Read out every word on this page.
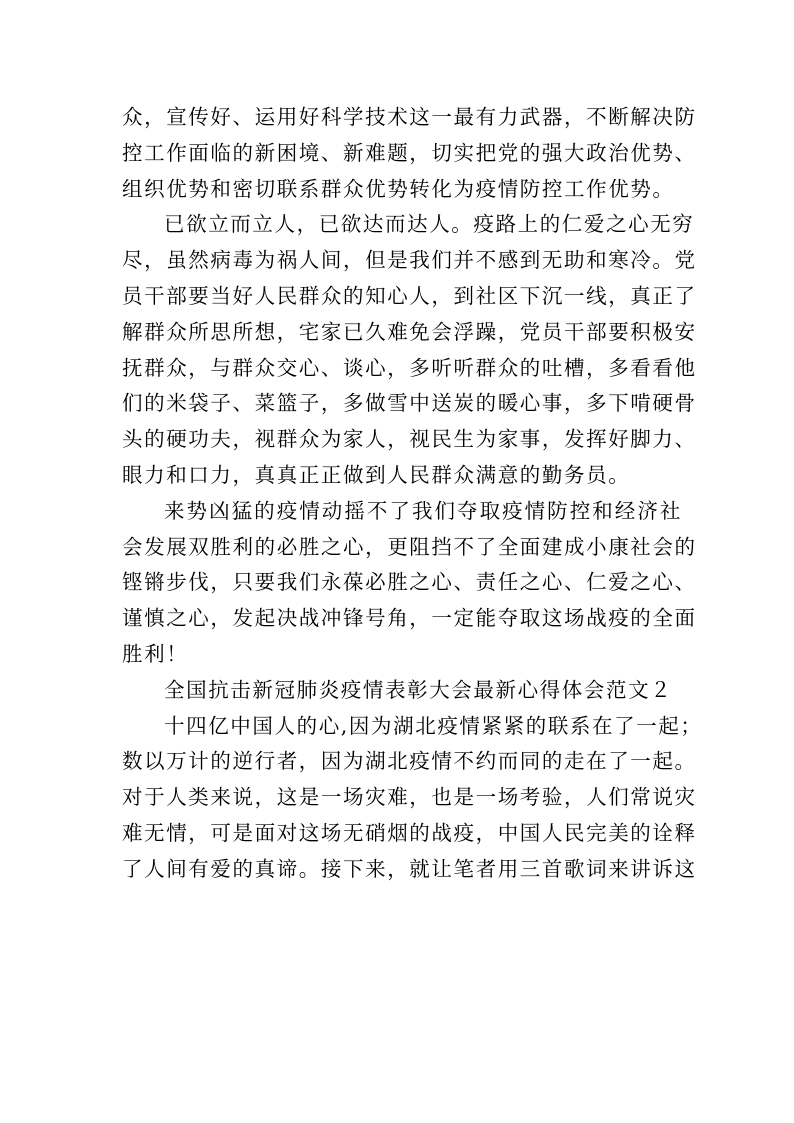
众，宣传好、运用好科学技术这一最有力武器，不断解决防
控工作面临的新困境、新难题，切实把党的强大政治优势、
组织优势和密切联系群众优势转化为疫情防控工作优势。
已欲立而立人，已欲达而达人。疫路上的仁爱之心无穷
尽，虽然病毒为祸人间，但是我们并不感到无助和寒冷。党
员干部要当好人民群众的知心人，到社区下沉一线，真正了
解群众所思所想，宅家已久难免会浮躁，党员干部要积极安
抚群众，与群众交心、谈心，多听听群众的吐槽，多看看他
们的米袋子、菜篮子，多做雪中送炭的暖心事，多下啃硬骨
头的硬功夫，视群众为家人，视民生为家事，发挥好脚力、
眼力和口力，真真正正做到人民群众满意的勤务员。
来势凶猛的疫情动摇不了我们夺取疫情防控和经济社
会发展双胜利的必胜之心，更阻挡不了全面建成小康社会的
铿锵步伐，只要我们永葆必胜之心、责任之心、仁爱之心、
谨慎之心，发起决战冲锋号角，一定能夺取这场战疫的全面
胜利！
全国抗击新冠肺炎疫情表彰大会最新心得体会范文２
十四亿中国人的心,因为湖北疫情紧紧的联系在了一起；
数以万计的逆行者，因为湖北疫情不约而同的走在了一起。
对于人类来说，这是一场灾难，也是一场考验，人们常说灾
难无情，可是面对这场无硝烟的战疫，中国人民完美的诠释
了人间有爱的真谛。接下来，就让笔者用三首歌词来讲诉这
